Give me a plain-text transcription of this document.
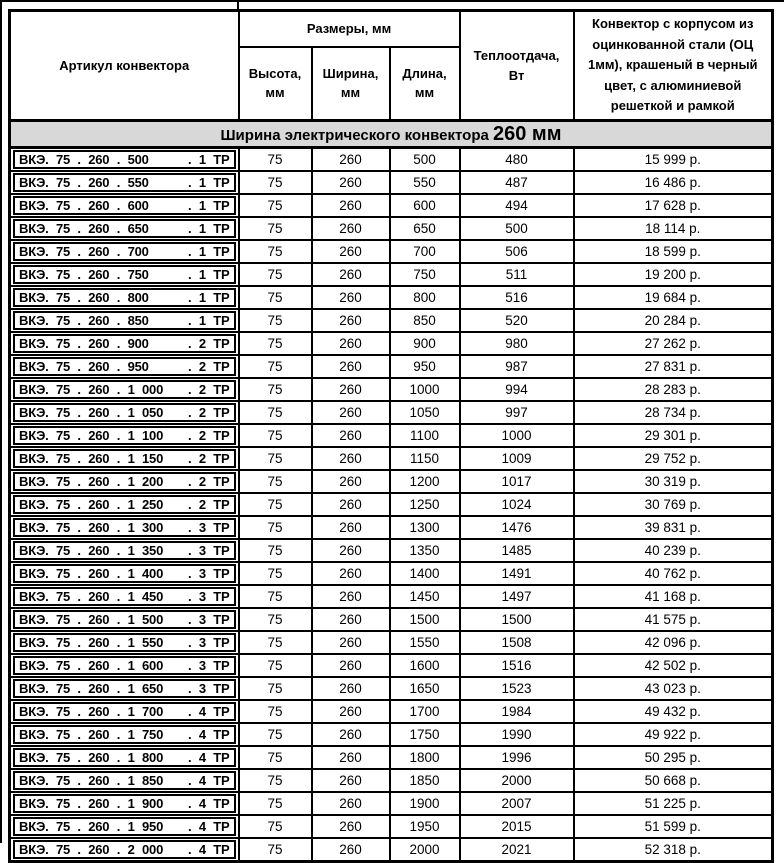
Артикул конвектора	Размеры, мм			Теплоотдача, Вт	Конвектор с корпусом из оцинкованной стали (ОЦ 1мм), крашеный в черный цвет, с алюминиевой решеткой и рамкой
	Высота, мм	Ширина, мм	Длина, мм		
Ширина электрического конвектора 260 мм					

ВКЭ. 75 . 260 . 500 . 1 ТР	75	260	500	480	15 999 р.

ВКЭ. 75 . 260 . 550 . 1 ТР	75	260	550	487	16 486 р.

ВКЭ. 75 . 260 . 600 . 1 ТР	75	260	600	494	17 628 р.

ВКЭ. 75 . 260 . 650 . 1 ТР	75	260	650	500	18 114 р.

ВКЭ. 75 . 260 . 700 . 1 ТР	75	260	700	506	18 599 р.

ВКЭ. 75 . 260 . 750 . 1 ТР	75	260	750	511	19 200 р.

ВКЭ. 75 . 260 . 800 . 1 ТР	75	260	800	516	19 684 р.

ВКЭ. 75 . 260 . 850 . 1 ТР	75	260	850	520	20 284 р.

ВКЭ. 75 . 260 . 900 . 2 ТР	75	260	900	980	27 262 р.

ВКЭ. 75 . 260 . 950 . 2 ТР	75	260	950	987	27 831 р.

ВКЭ. 75 . 260 . 1 000 . 2 ТР	75	260	1000	994	28 283 р.

ВКЭ. 75 . 260 . 1 050 . 2 ТР	75	260	1050	997	28 734 р.

ВКЭ. 75 . 260 . 1 100 . 2 ТР	75	260	1100	1000	29 301 р.

ВКЭ. 75 . 260 . 1 150 . 2 ТР	75	260	1150	1009	29 752 р.

ВКЭ. 75 . 260 . 1 200 . 2 ТР	75	260	1200	1017	30 319 р.

ВКЭ. 75 . 260 . 1 250 . 2 ТР	75	260	1250	1024	30 769 р.

ВКЭ. 75 . 260 . 1 300 . 3 ТР	75	260	1300	1476	39 831 р.

ВКЭ. 75 . 260 . 1 350 . 3 ТР	75	260	1350	1485	40 239 р.

ВКЭ. 75 . 260 . 1 400 . 3 ТР	75	260	1400	1491	40 762 р.

ВКЭ. 75 . 260 . 1 450 . 3 ТР	75	260	1450	1497	41 168 р.

ВКЭ. 75 . 260 . 1 500 . 3 ТР	75	260	1500	1500	41 575 р.

ВКЭ. 75 . 260 . 1 550 . 3 ТР	75	260	1550	1508	42 096 р.

ВКЭ. 75 . 260 . 1 600 . 3 ТР	75	260	1600	1516	42 502 р.

ВКЭ. 75 . 260 . 1 650 . 3 ТР	75	260	1650	1523	43 023 р.

ВКЭ. 75 . 260 . 1 700 . 4 ТР	75	260	1700	1984	49 432 р.

ВКЭ. 75 . 260 . 1 750 . 4 ТР	75	260	1750	1990	49 922 р.

ВКЭ. 75 . 260 . 1 800 . 4 ТР	75	260	1800	1996	50 295 р.

ВКЭ. 75 . 260 . 1 850 . 4 ТР	75	260	1850	2000	50 668 р.

ВКЭ. 75 . 260 . 1 900 . 4 ТР	75	260	1900	2007	51 225 р.

ВКЭ. 75 . 260 . 1 950 . 4 ТР	75	260	1950	2015	51 599 р.

ВКЭ. 75 . 260 . 2 000 . 4 ТР	75	260	2000	2021	52 318 р.
